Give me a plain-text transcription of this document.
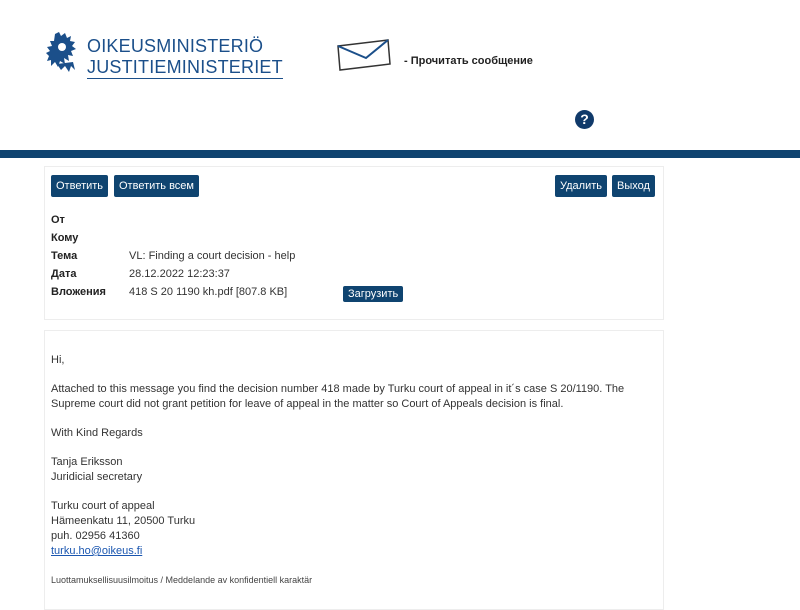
OIKEUSMINISTERIÖ
JUSTITIEMINISTERIET	- Прочитать сообщение
?
Ответить	Ответить всем	Удалить	Выход
От
Кому
Тема	VL: Finding a court decision - help
Дата	28.12.2022 12:23:37
Вложения 418 S 20 1190 kh.pdf [807.8 KB]	Загрузить

Hi,

Attached to this message you find the decision number 418 made by Turku court of appeal in it´s case S 20/1190. The Supreme court did not grant petition for leave of appeal in the matter so Court of Appeals decision is final.

With Kind Regards

Tanja Eriksson

Juridicial secretary

Turku court of appeal

Hämeenkatu 11, 20500 Turku

puh. 02956 41360

turku.ho@oikeus.fi

Luottamuksellisuusilmoitus / Meddelande av konfidentiell karaktär
